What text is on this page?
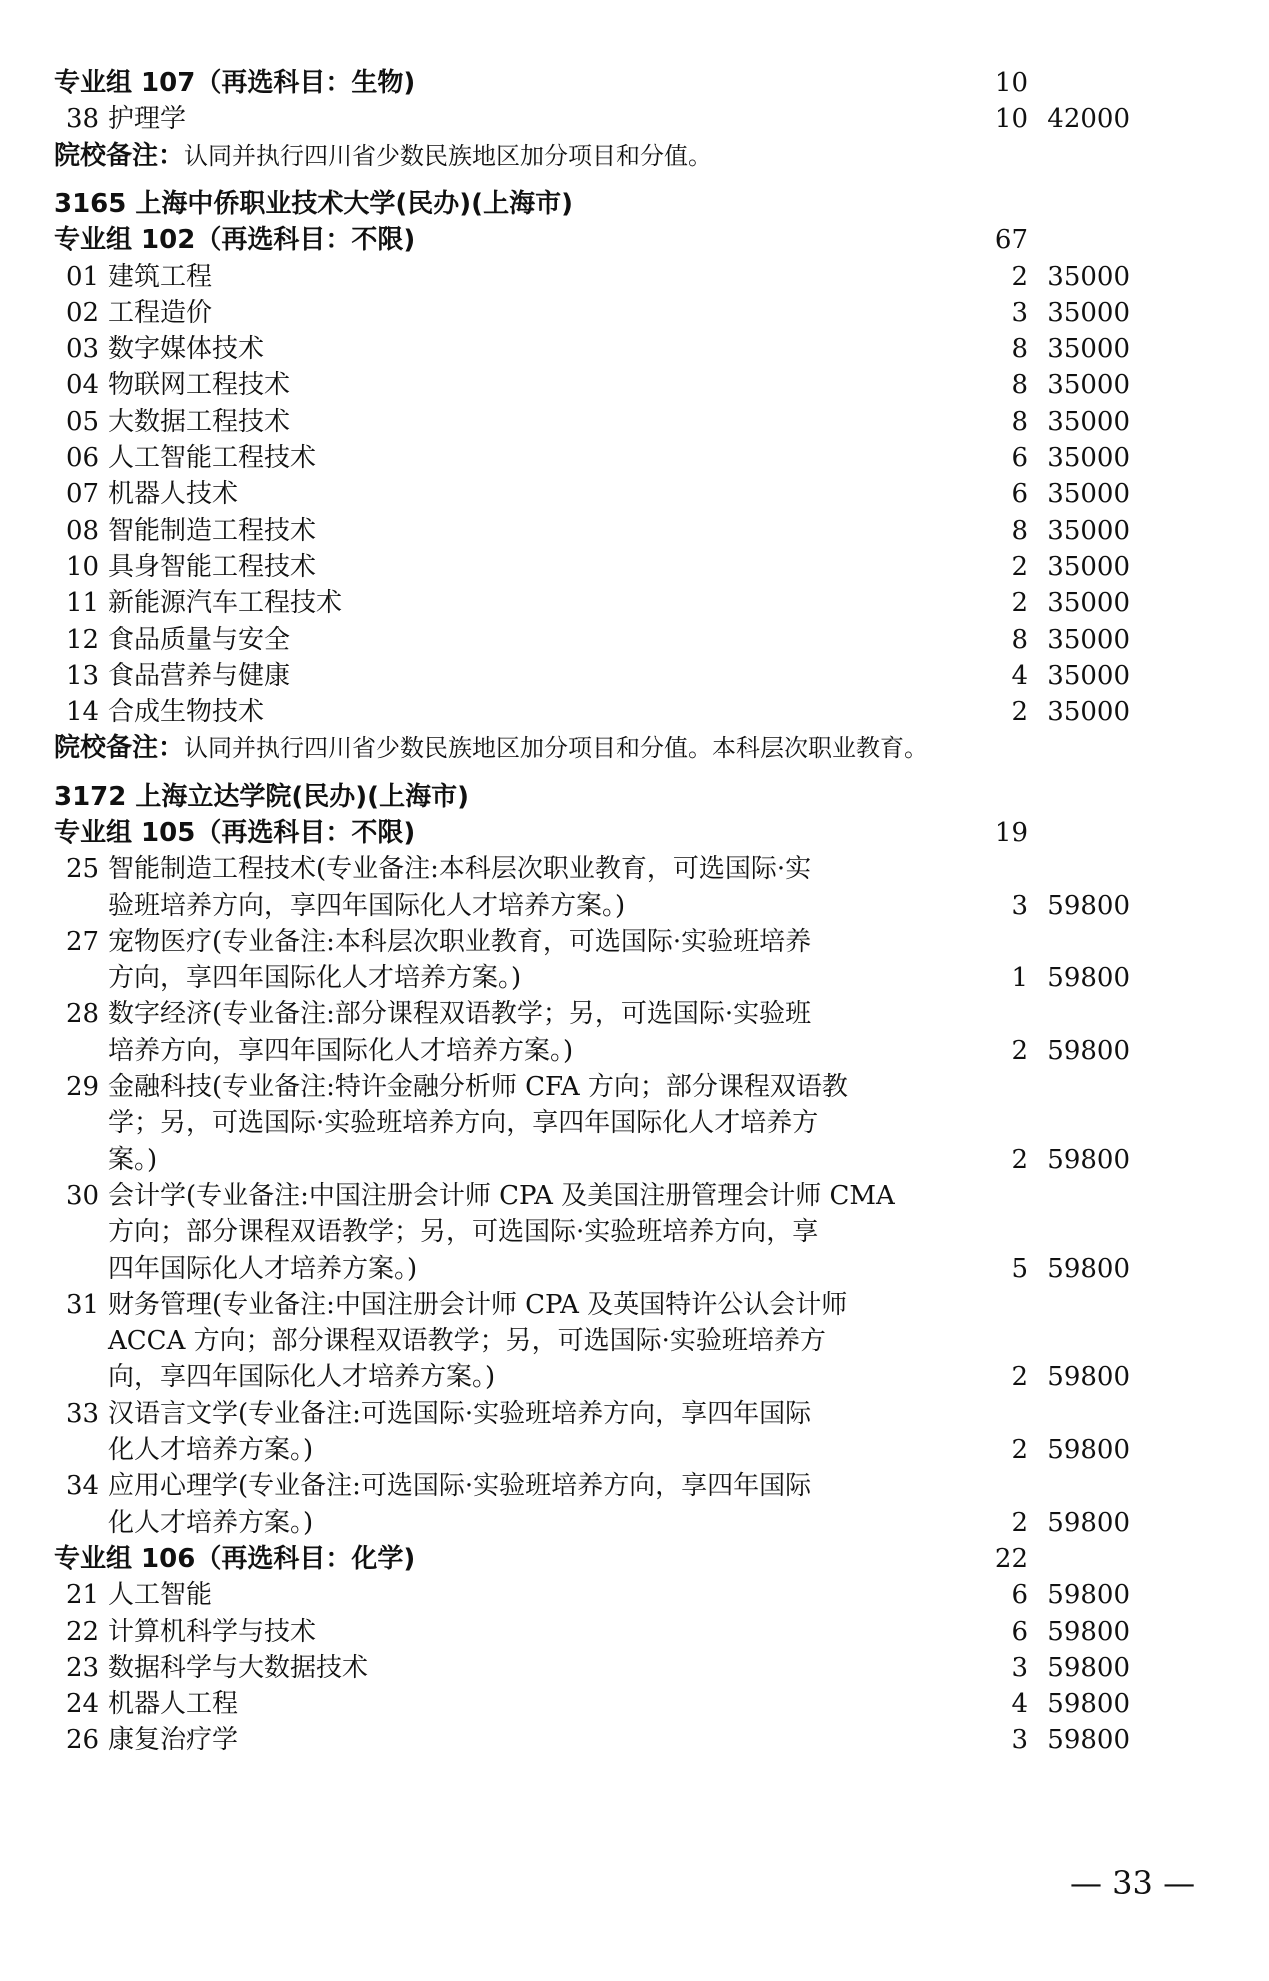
专业组 107（再选科目：生物)	10
38 护理学	10 42000
院校备注：认同并执行四川省少数民族地区加分项目和分值。
3165 上海中侨职业技术大学(民办)(上海市)
专业组 102（再选科目：不限)	67
01 建筑工程	2 35000
02 工程造价	3 35000
03 数字媒体技术	8 35000
04 物联网工程技术	8 35000
05 大数据工程技术	8 35000
06 人工智能工程技术	6 35000
07 机器人技术	6 35000
08 智能制造工程技术	8 35000
10 具身智能工程技术	2 35000
11 新能源汽车工程技术	2 35000
12 食品质量与安全	8 35000
13 食品营养与健康	4 35000
14 合成生物技术	2 35000
院校备注：认同并执行四川省少数民族地区加分项目和分值。本科层次职业教育。
3172 上海立达学院(民办)(上海市)
专业组 105（再选科目：不限)	19
25 智能制造工程技术(专业备注:本科层次职业教育，可选国际·实
验班培养方向，享四年国际化人才培养方案。)	3 59800
27 宠物医疗(专业备注:本科层次职业教育，可选国际·实验班培养
方向，享四年国际化人才培养方案。)	1 59800
28 数字经济(专业备注:部分课程双语教学；另，可选国际·实验班
培养方向，享四年国际化人才培养方案。)	2 59800
29 金融科技(专业备注:特许金融分析师 CFA 方向；部分课程双语教
学；另，可选国际·实验班培养方向，享四年国际化人才培养方
案。)	2 59800
30 会计学(专业备注:中国注册会计师 CPA 及美国注册管理会计师 CMA
方向；部分课程双语教学；另，可选国际·实验班培养方向，享
四年国际化人才培养方案。)	5 59800
31 财务管理(专业备注:中国注册会计师 CPA 及英国特许公认会计师
ACCA 方向；部分课程双语教学；另，可选国际·实验班培养方
向，享四年国际化人才培养方案。)	2 59800
33 汉语言文学(专业备注:可选国际·实验班培养方向，享四年国际
化人才培养方案。)	2 59800
34 应用心理学(专业备注:可选国际·实验班培养方向，享四年国际
化人才培养方案。)	2 59800
专业组 106（再选科目：化学)	22
21 人工智能	6 59800
22 计算机科学与技术	6 59800
23 数据科学与大数据技术	3 59800
24 机器人工程	4 59800
26 康复治疗学	3 59800
— 33 —
